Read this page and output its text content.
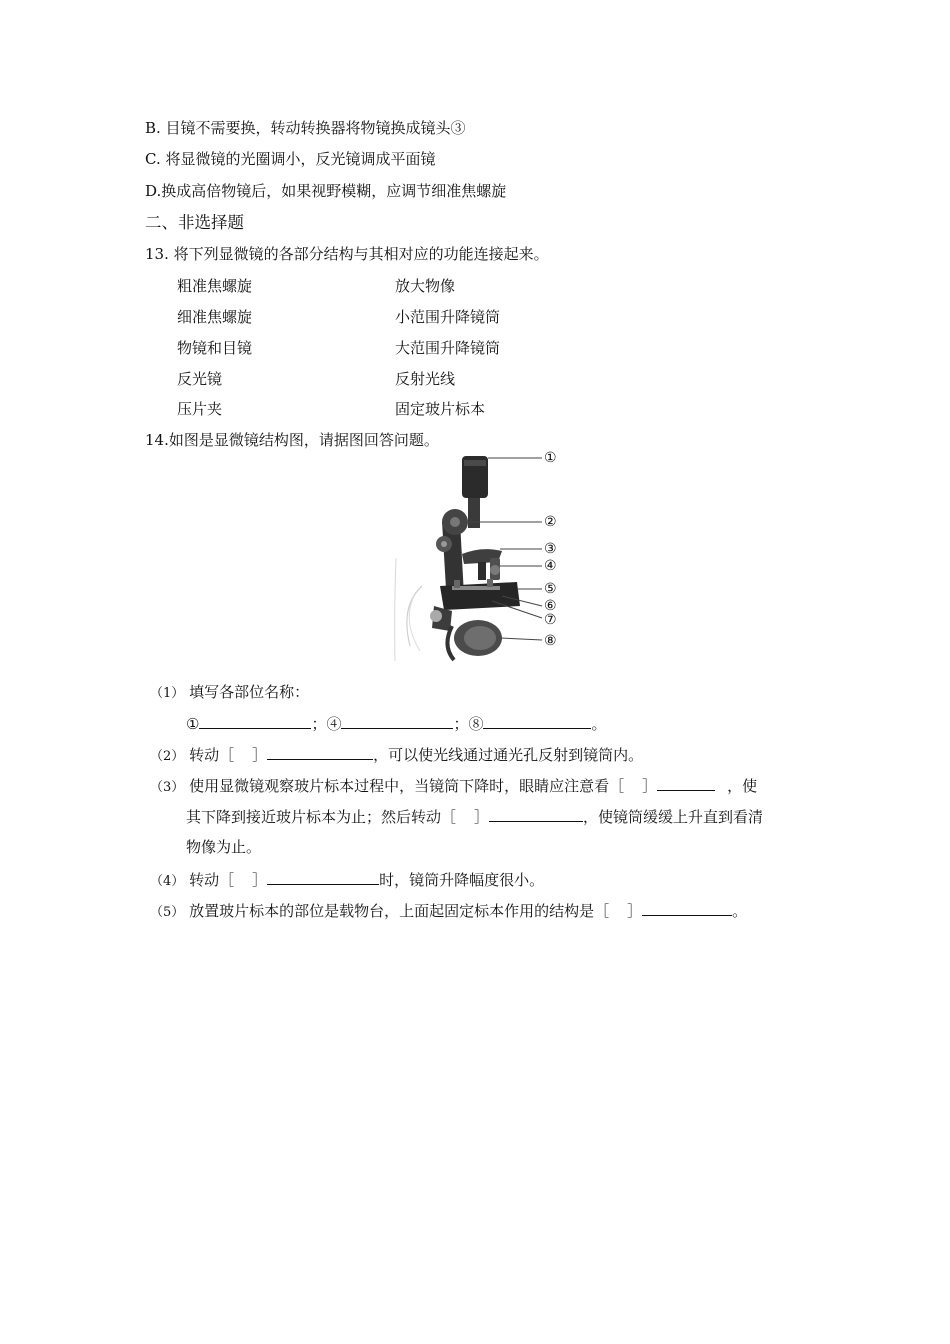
B. 目镜不需要换，转动转换器将物镜换成镜头③
C. 将显微镜的光圈调小，反光镜调成平面镜
D.换成高倍物镜后，如果视野模糊，应调节细准焦螺旋
二、非选择题
13. 将下列显微镜的各部分结构与其相对应的功能连接起来。
粗准焦螺旋	放大物像
细准焦螺旋	小范围升降镜筒
物镜和目镜	大范围升降镜筒
反光镜	反射光线
压片夹	固定玻片标本
14.如图是显微镜结构图，请据图回答问题。
①
②
③
④
⑤
⑥
⑦
⑧
（1） 填写各部位名称：
①	；④	；⑧	。
（2） 转动［ ］	，可以使光线通过通光孔反射到镜筒内。
（3） 使用显微镜观察玻片标本过程中，当镜筒下降时，眼睛应注意看［ ］	，使
其下降到接近玻片标本为止；然后转动［ ］	，使镜筒缓缓上升直到看清
物像为止。
（4） 转动［ ］	时，镜筒升降幅度很小。
（5） 放置玻片标本的部位是载物台，上面起固定标本作用的结构是［ ］	。
